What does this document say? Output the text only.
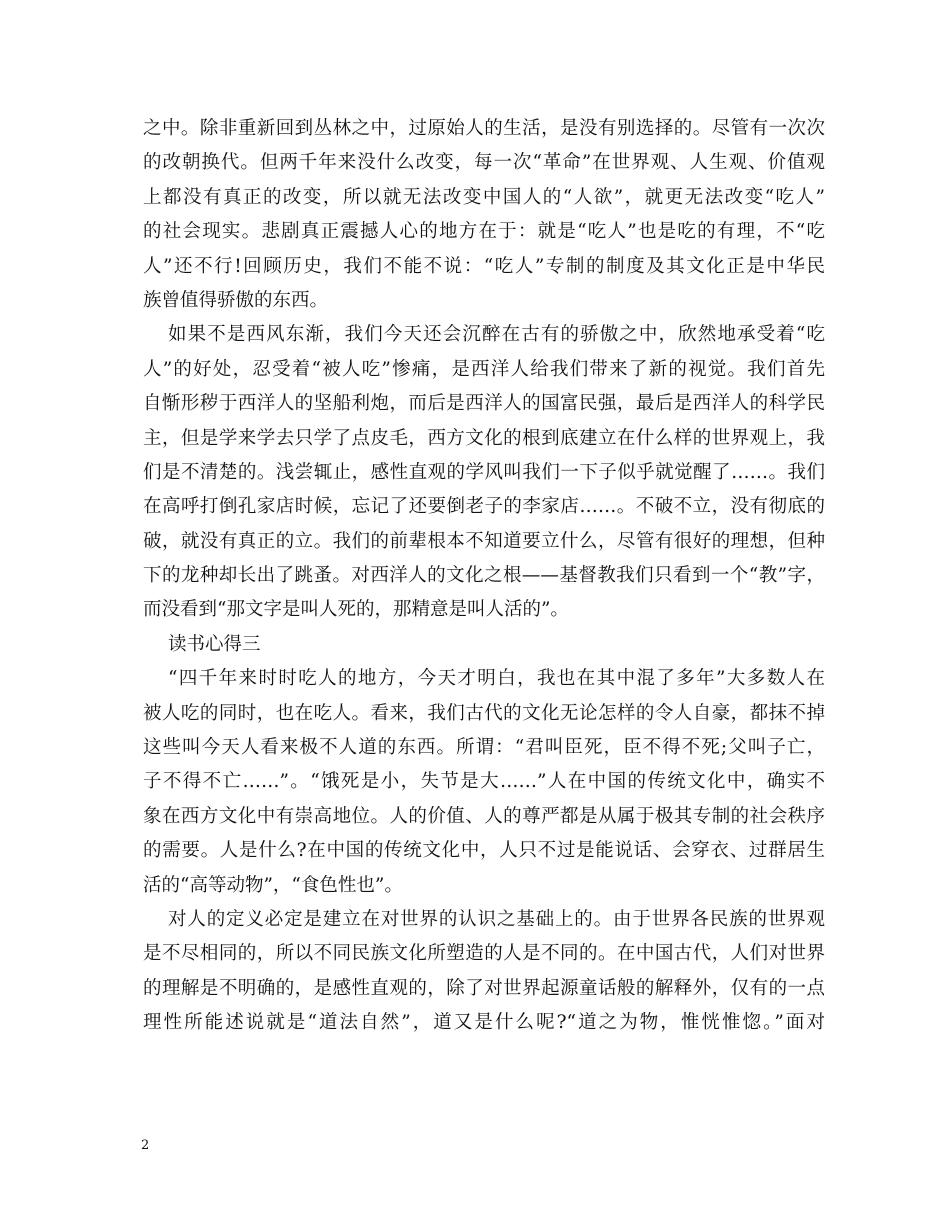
之中。除非重新回到丛林之中，过原始人的生活，是没有别选择的。尽管有一次次
的改朝换代。但两千年来没什么改变，每一次“革命”在世界观、人生观、价值观
上都没有真正的改变，所以就无法改变中国人的“人欲”，就更无法改变“吃人”
的社会现实。悲剧真正震撼人心的地方在于：就是“吃人”也是吃的有理，不“吃
人”还不行!回顾历史，我们不能不说：“吃人”专制的制度及其文化正是中华民
族曾值得骄傲的东西。
如果不是西风东渐，我们今天还会沉醉在古有的骄傲之中，欣然地承受着“吃
人”的好处，忍受着“被人吃”惨痛，是西洋人给我们带来了新的视觉。我们首先
自惭形秽于西洋人的坚船利炮，而后是西洋人的国富民强，最后是西洋人的科学民
主，但是学来学去只学了点皮毛，西方文化的根到底建立在什么样的世界观上，我
们是不清楚的。浅尝辄止，感性直观的学风叫我们一下子似乎就觉醒了……。我们
在高呼打倒孔家店时候，忘记了还要倒老子的李家店……。不破不立，没有彻底的
破，就没有真正的立。我们的前辈根本不知道要立什么，尽管有很好的理想，但种
下的龙种却长出了跳蚤。对西洋人的文化之根——基督教我们只看到一个“教”字，
而没看到“那文字是叫人死的，那精意是叫人活的”。
读书心得三
“四千年来时时吃人的地方，今天才明白，我也在其中混了多年”大多数人在
被人吃的同时，也在吃人。看来，我们古代的文化无论怎样的令人自豪，都抹不掉
这些叫今天人看来极不人道的东西。所谓：“君叫臣死，臣不得不死;父叫子亡，
子不得不亡……”。“饿死是小，失节是大……”人在中国的传统文化中，确实不
象在西方文化中有崇高地位。人的价值、人的尊严都是从属于极其专制的社会秩序
的需要。人是什么?在中国的传统文化中，人只不过是能说话、会穿衣、过群居生
活的“高等动物”，“食色性也”。
对人的定义必定是建立在对世界的认识之基础上的。由于世界各民族的世界观
是不尽相同的，所以不同民族文化所塑造的人是不同的。在中国古代，人们对世界
的理解是不明确的，是感性直观的，除了对世界起源童话般的解释外，仅有的一点
理性所能述说就是“道法自然”，道又是什么呢?“道之为物，惟恍惟惚。”面对
2
